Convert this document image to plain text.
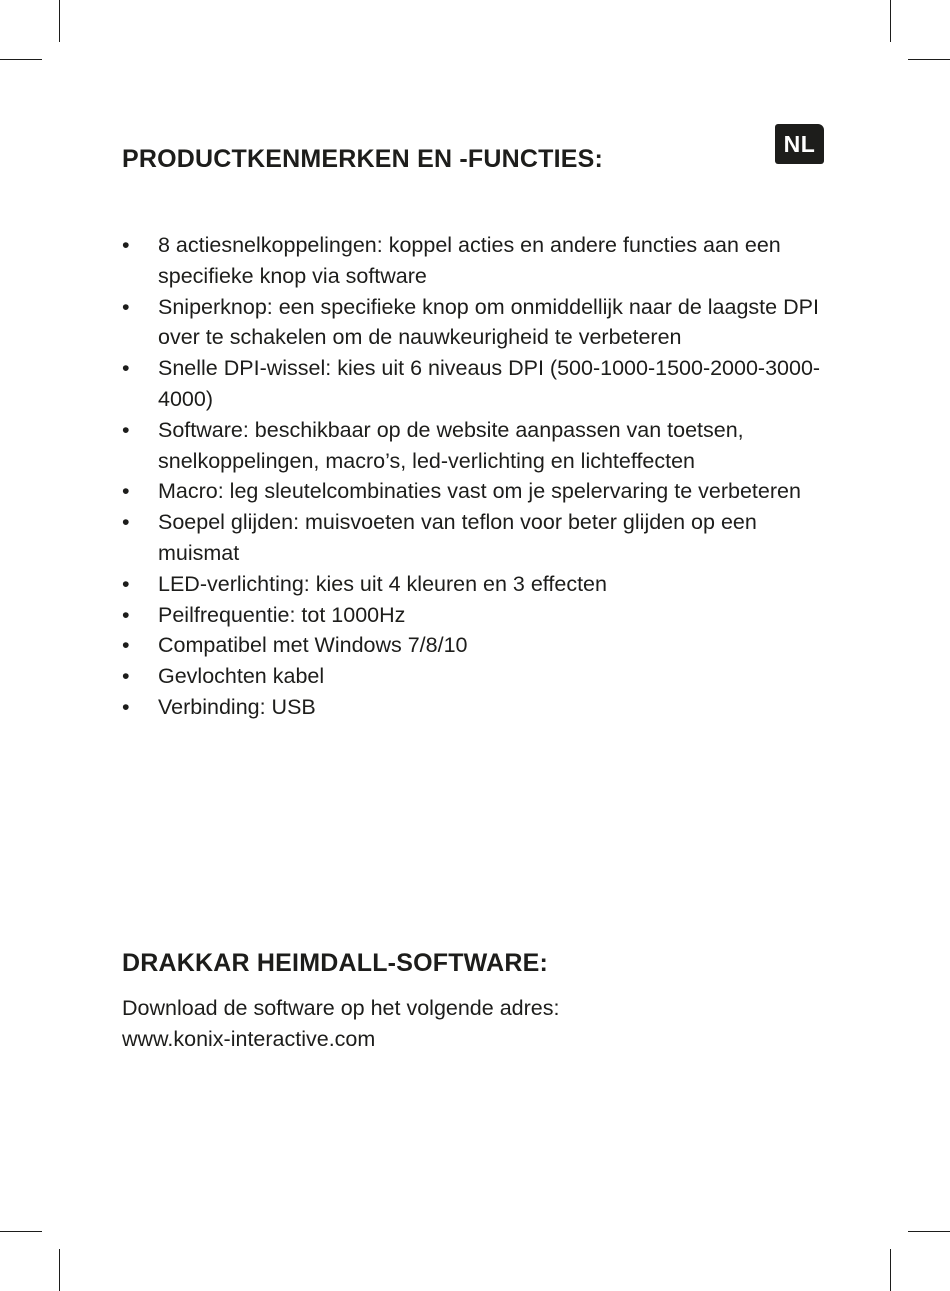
NL
PRODUCTKENMERKEN EN -FUNCTIES:
• 8 actiesnelkoppelingen: koppel acties en andere functies aan een specifieke knop via software
• Sniperknop: een specifieke knop om onmiddellijk naar de laagste DPI over te schakelen om de nauwkeurigheid te verbeteren
• Snelle DPI-wissel: kies uit 6 niveaus DPI (500-1000-1500-2000-3000-4000)
• Software: beschikbaar op de website aanpassen van toetsen, snelkoppelingen, macro’s, led-verlichting en lichteffecten
• Macro: leg sleutelcombinaties vast om je spelervaring te verbeteren
• Soepel glijden: muisvoeten van teflon voor beter glijden op een muismat
• LED-verlichting: kies uit 4 kleuren en 3 effecten
• Peilfrequentie: tot 1000Hz
• Compatibel met Windows 7/8/10
• Gevlochten kabel
• Verbinding: USB
DRAKKAR HEIMDALL-SOFTWARE:

Download de software op het volgende adres:
www.konix-interactive.com
